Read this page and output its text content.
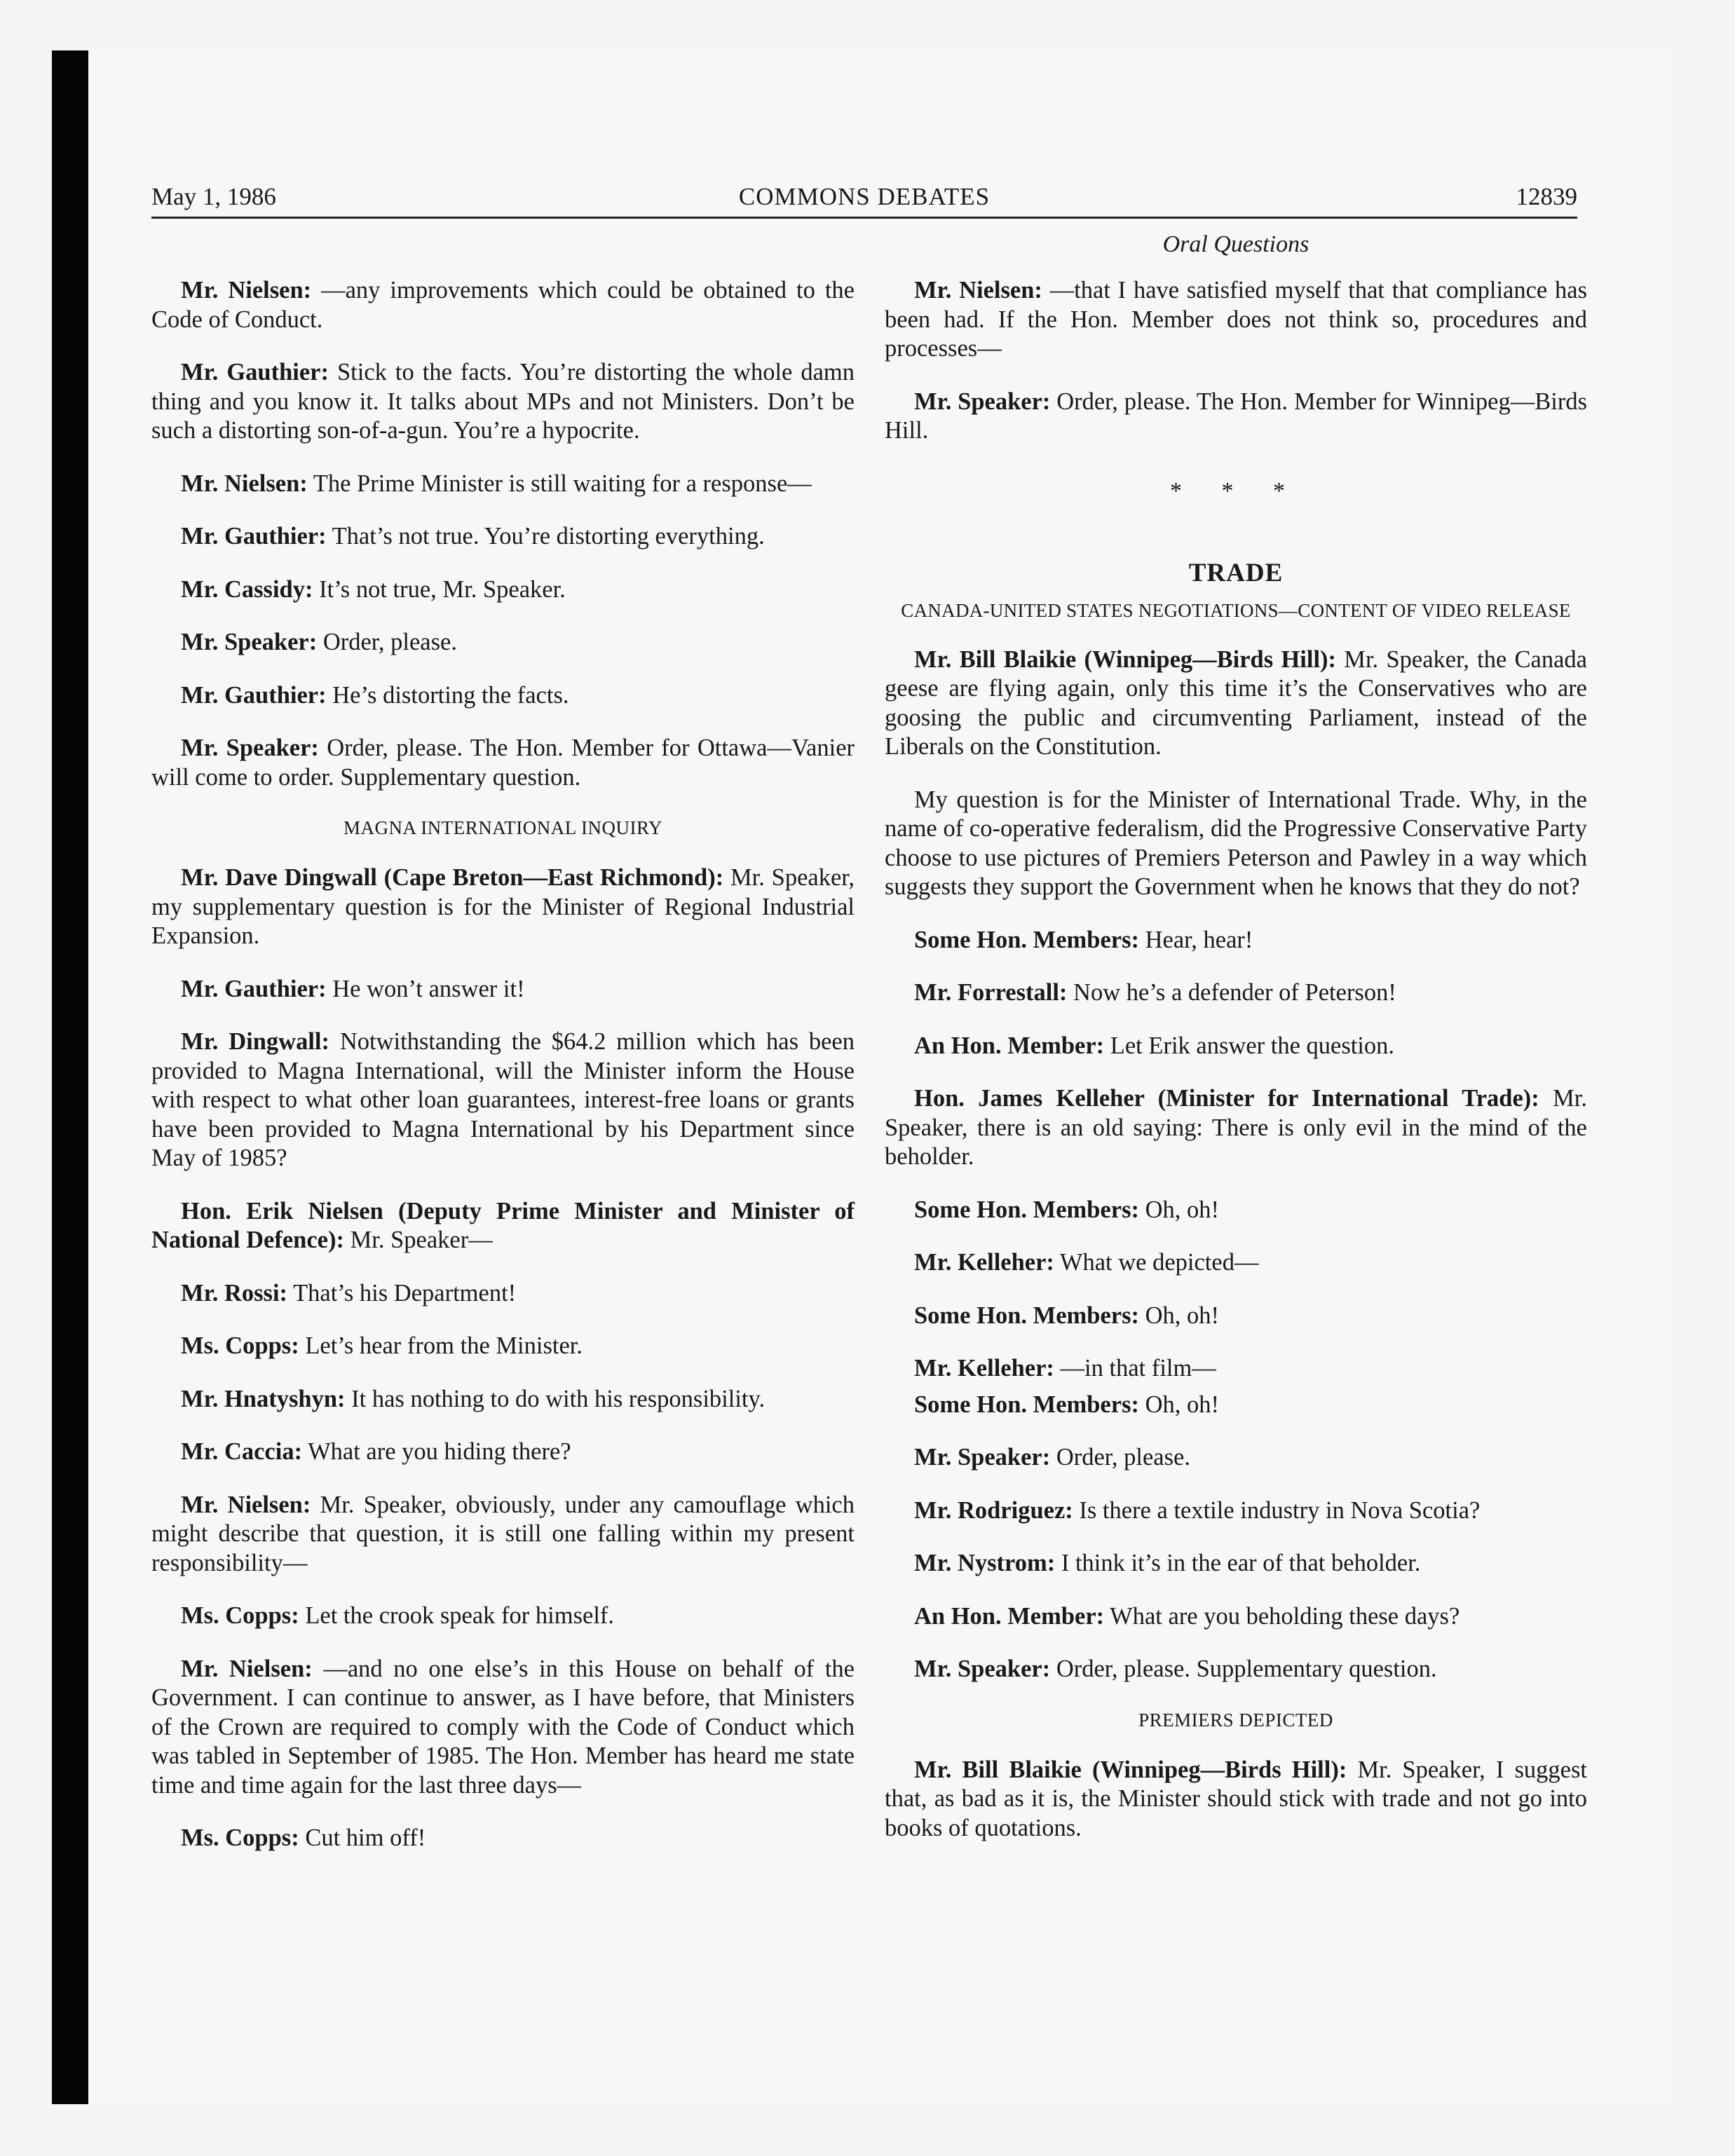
May 1, 1986	COMMONS DEBATES	12839
Oral Questions

Mr. Nielsen: —any improvements which could be obtained to the Code of Conduct.

Mr. Gauthier: Stick to the facts. You’re distorting the whole damn thing and you know it. It talks about MPs and not Ministers. Don’t be such a distorting son-of-a-gun. You’re a hypocrite.

Mr. Nielsen: The Prime Minister is still waiting for a response—

Mr. Gauthier: That’s not true. You’re distorting everything.

Mr. Cassidy: It’s not true, Mr. Speaker.

Mr. Speaker: Order, please.

Mr. Gauthier: He’s distorting the facts.

Mr. Speaker: Order, please. The Hon. Member for Ottawa—Vanier will come to order. Supplementary question.

MAGNA INTERNATIONAL INQUIRY

Mr. Dave Dingwall (Cape Breton—East Richmond): Mr. Speaker, my supplementary question is for the Minister of Regional Industrial Expansion.

Mr. Gauthier: He won’t answer it!

Mr. Dingwall: Notwithstanding the $64.2 million which has been provided to Magna International, will the Minister inform the House with respect to what other loan guarantees, interest-free loans or grants have been provided to Magna International by his Department since May of 1985?

Hon. Erik Nielsen (Deputy Prime Minister and Minister of National Defence): Mr. Speaker—

Mr. Rossi: That’s his Department!

Ms. Copps: Let’s hear from the Minister.

Mr. Hnatyshyn: It has nothing to do with his responsibility.

Mr. Caccia: What are you hiding there?

Mr. Nielsen: Mr. Speaker, obviously, under any camouflage which might describe that question, it is still one falling within my present responsibility—

Ms. Copps: Let the crook speak for himself.

Mr. Nielsen: —and no one else’s in this House on behalf of the Government. I can continue to answer, as I have before, that Ministers of the Crown are required to comply with the Code of Conduct which was tabled in September of 1985. The Hon. Member has heard me state time and time again for the last three days—

Ms. Copps: Cut him off!

Mr. Nielsen: —that I have satisfied myself that that compliance has been had. If the Hon. Member does not think so, procedures and processes—

Mr. Speaker: Order, please. The Hon. Member for Winnipeg—Birds Hill.

* * *
TRADE
CANADA-UNITED STATES NEGOTIATIONS—CONTENT OF VIDEO RELEASE

Mr. Bill Blaikie (Winnipeg—Birds Hill): Mr. Speaker, the Canada geese are flying again, only this time it’s the Conservatives who are goosing the public and circumventing Parliament, instead of the Liberals on the Constitution.

My question is for the Minister of International Trade. Why, in the name of co-operative federalism, did the Progressive Conservative Party choose to use pictures of Premiers Peterson and Pawley in a way which suggests they support the Government when he knows that they do not?

Some Hon. Members: Hear, hear!

Mr. Forrestall: Now he’s a defender of Peterson!

An Hon. Member: Let Erik answer the question.

Hon. James Kelleher (Minister for International Trade): Mr. Speaker, there is an old saying: There is only evil in the mind of the beholder.

Some Hon. Members: Oh, oh!

Mr. Kelleher: What we depicted—

Some Hon. Members: Oh, oh!

Mr. Kelleher: —in that film—

Some Hon. Members: Oh, oh!

Mr. Speaker: Order, please.

Mr. Rodriguez: Is there a textile industry in Nova Scotia?

Mr. Nystrom: I think it’s in the ear of that beholder.

An Hon. Member: What are you beholding these days?

Mr. Speaker: Order, please. Supplementary question.

PREMIERS DEPICTED

Mr. Bill Blaikie (Winnipeg—Birds Hill): Mr. Speaker, I suggest that, as bad as it is, the Minister should stick with trade and not go into books of quotations.
